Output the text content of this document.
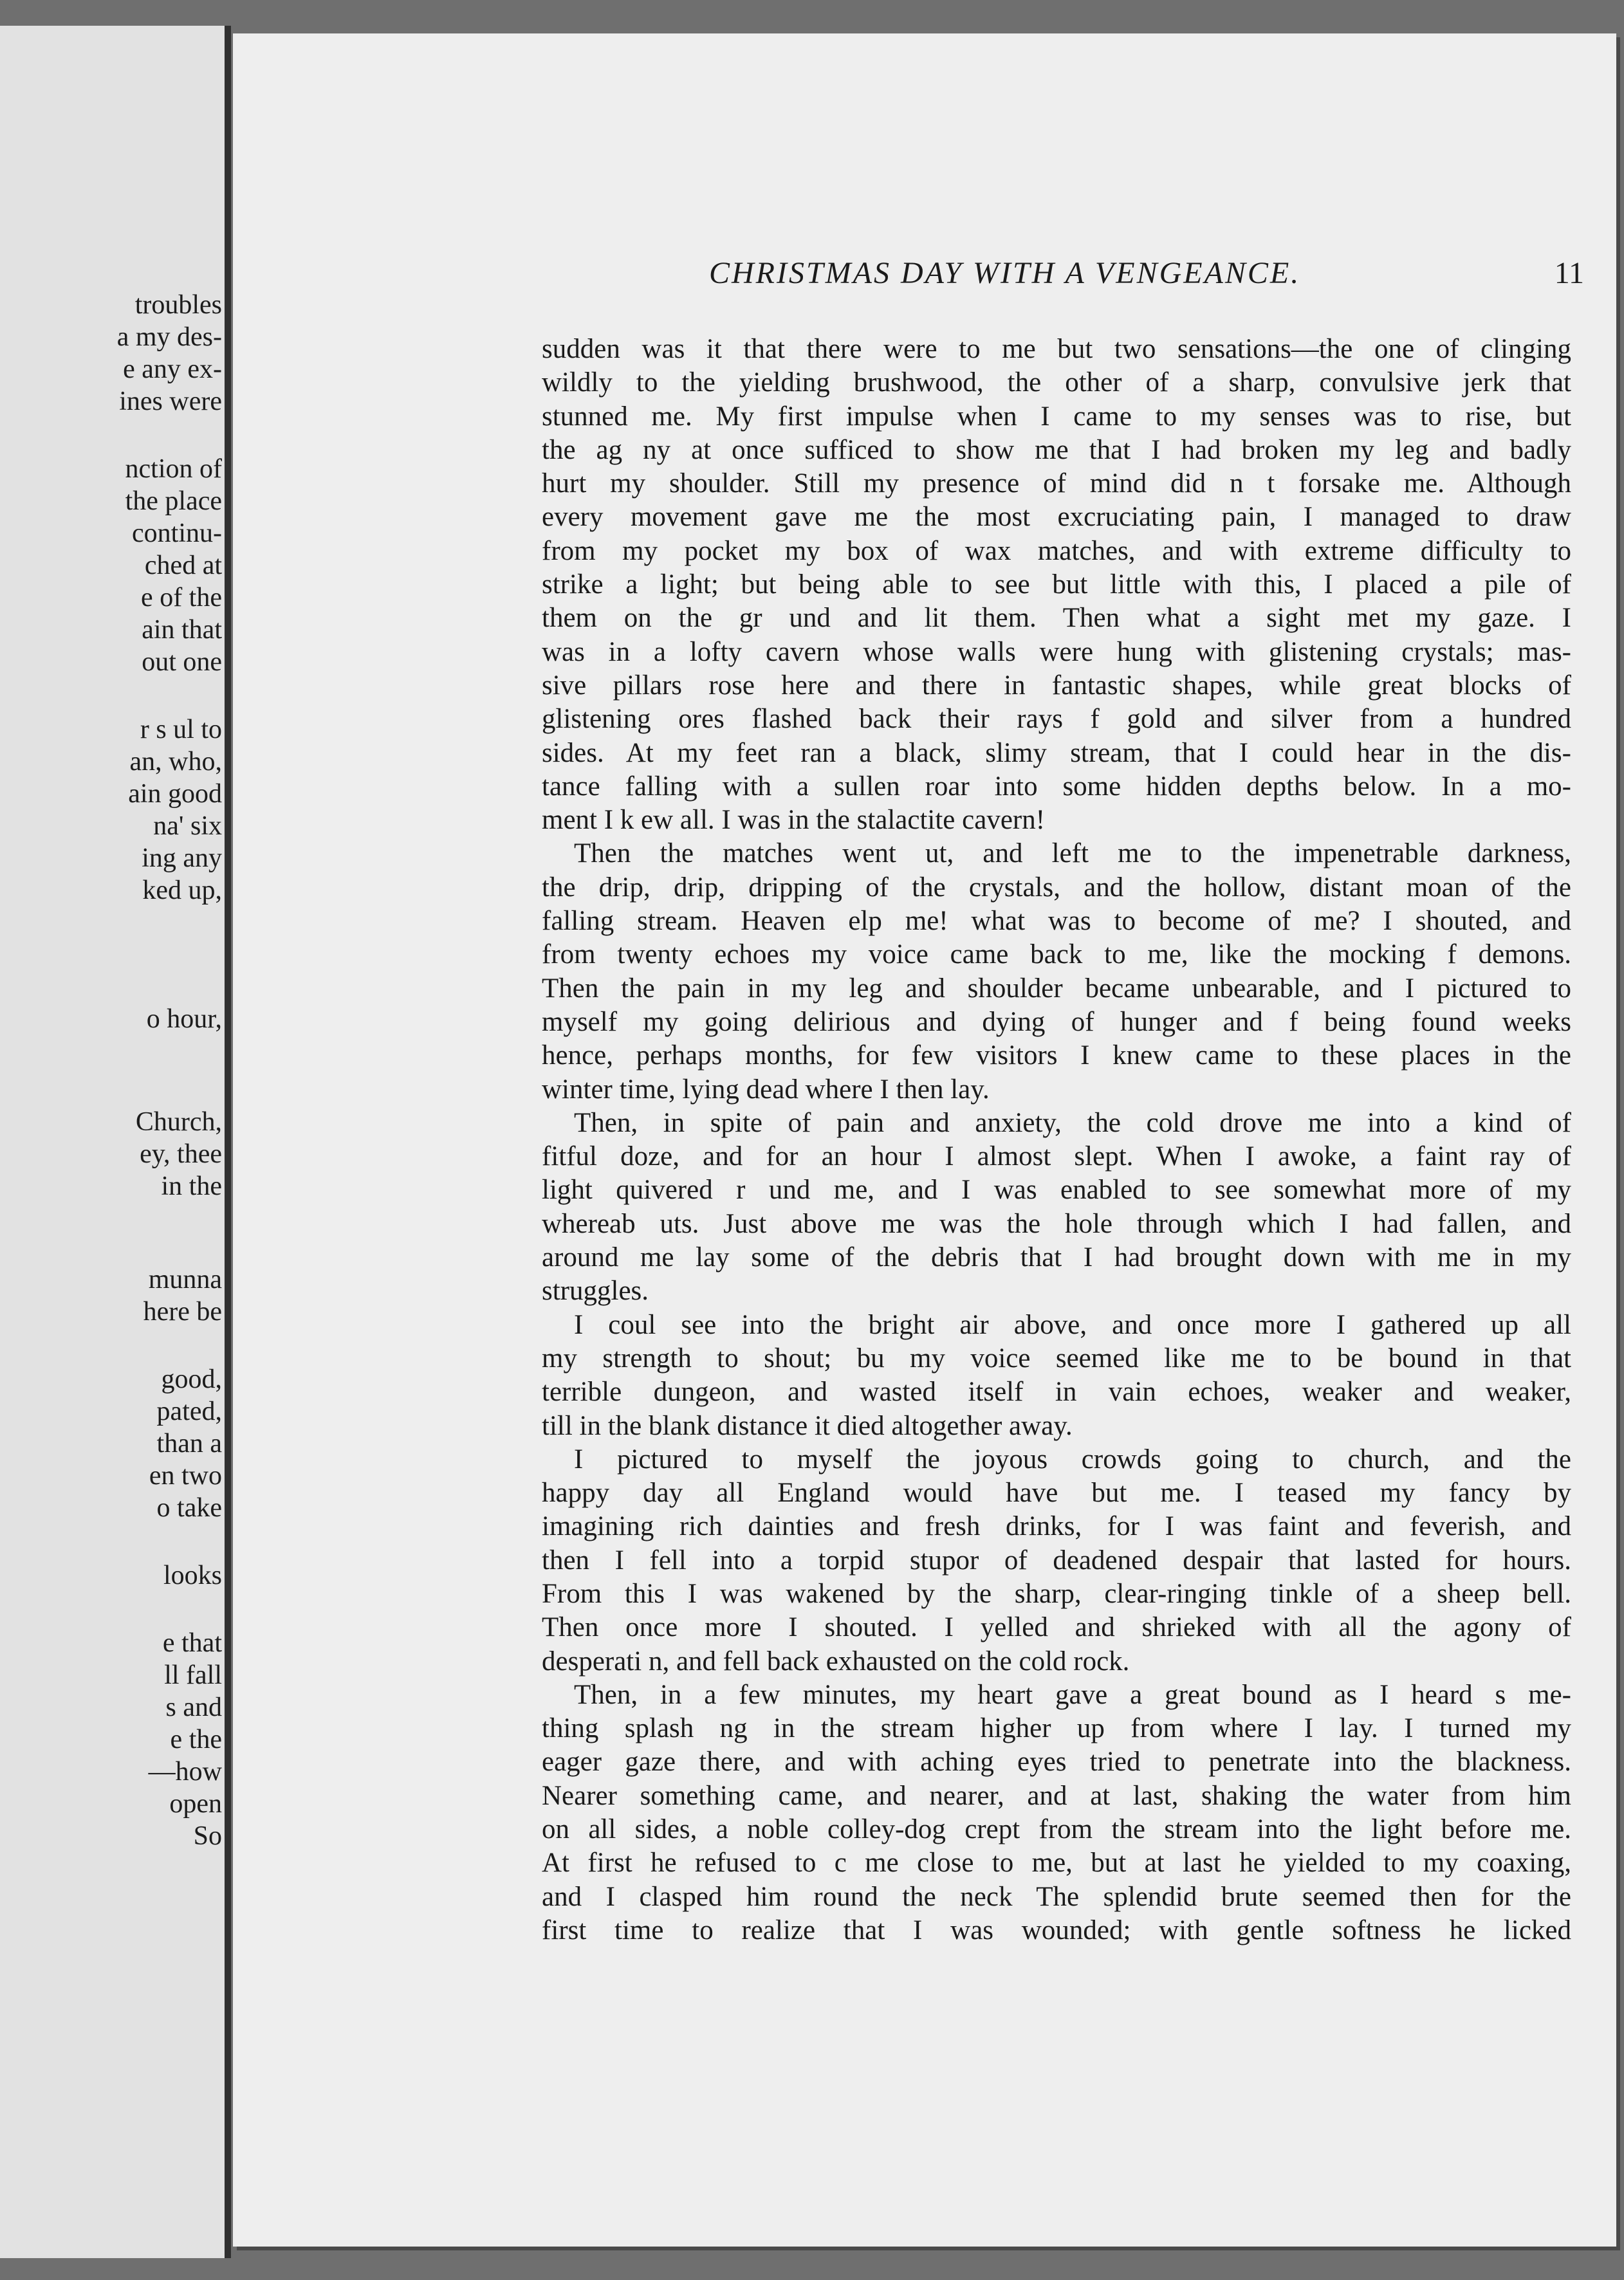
troubles
a my des-
e any ex-
ines were
nction of
the place
continu-
ched at
e of the
ain that
out one
r s ul to
an, who,
ain good
na' six
ing any
ked up,
o hour,
Church,
ey, thee
in the
munna
here be
good,
pated,
than a
en two
o take
looks
e that
ll fall
s and
e the
—how
open
So
CHRISTMAS DAY WITH A VENGEANCE.	11
sudden was it that there were to me but two sensations—the one of clinging
wildly to the yielding brushwood, the other of a sharp, convulsive jerk that
stunned me. My first impulse when I came to my senses was to rise, but
the ag ny at once sufficed to show me that I had broken my leg and badly
hurt my shoulder. Still my presence of mind did n t forsake me. Although
every movement gave me the most excruciating pain, I managed to draw
from my pocket my box of wax matches, and with extreme difficulty to
strike a light; but being able to see but little with this, I placed a pile of
them on the gr und and lit them. Then what a sight met my gaze. I
was in a lofty cavern whose walls were hung with glistening crystals; mas-
sive pillars rose here and there in fantastic shapes, while great blocks of
glistening ores flashed back their rays f gold and silver from a hundred
sides. At my feet ran a black, slimy stream, that I could hear in the dis-
tance falling with a sullen roar into some hidden depths below. In a mo-
ment I k ew all. I was in the stalactite cavern!
Then the matches went ut, and left me to the impenetrable darkness,
the drip, drip, dripping of the crystals, and the hollow, distant moan of the
falling stream. Heaven elp me! what was to become of me? I shouted, and
from twenty echoes my voice came back to me, like the mocking f demons.
Then the pain in my leg and shoulder became unbearable, and I pictured to
myself my going delirious and dying of hunger and f being found weeks
hence, perhaps months, for few visitors I knew came to these places in the
winter time, lying dead where I then lay.
Then, in spite of pain and anxiety, the cold drove me into a kind of
fitful doze, and for an hour I almost slept. When I awoke, a faint ray of
light quivered r und me, and I was enabled to see somewhat more of my
whereab uts. Just above me was the hole through which I had fallen, and
around me lay some of the debris that I had brought down with me in my
struggles.
I coul see into the bright air above, and once more I gathered up all
my strength to shout; bu my voice seemed like me to be bound in that
terrible dungeon, and wasted itself in vain echoes, weaker and weaker,
till in the blank distance it died altogether away.
I pictured to myself the joyous crowds going to church, and the
happy day all England would have but me. I teased my fancy by
imagining rich dainties and fresh drinks, for I was faint and feverish, and
then I fell into a torpid stupor of deadened despair that lasted for hours.
From this I was wakened by the sharp, clear-ringing tinkle of a sheep bell.
Then once more I shouted. I yelled and shrieked with all the agony of
desperati n, and fell back exhausted on the cold rock.
Then, in a few minutes, my heart gave a great bound as I heard s me-
thing splash ng in the stream higher up from where I lay. I turned my
eager gaze there, and with aching eyes tried to penetrate into the blackness.
Nearer something came, and nearer, and at last, shaking the water from him
on all sides, a noble colley-dog crept from the stream into the light before me.
At first he refused to c me close to me, but at last he yielded to my coaxing,
and I clasped him round the neck The splendid brute seemed then for the
first time to realize that I was wounded; with gentle softness he licked
